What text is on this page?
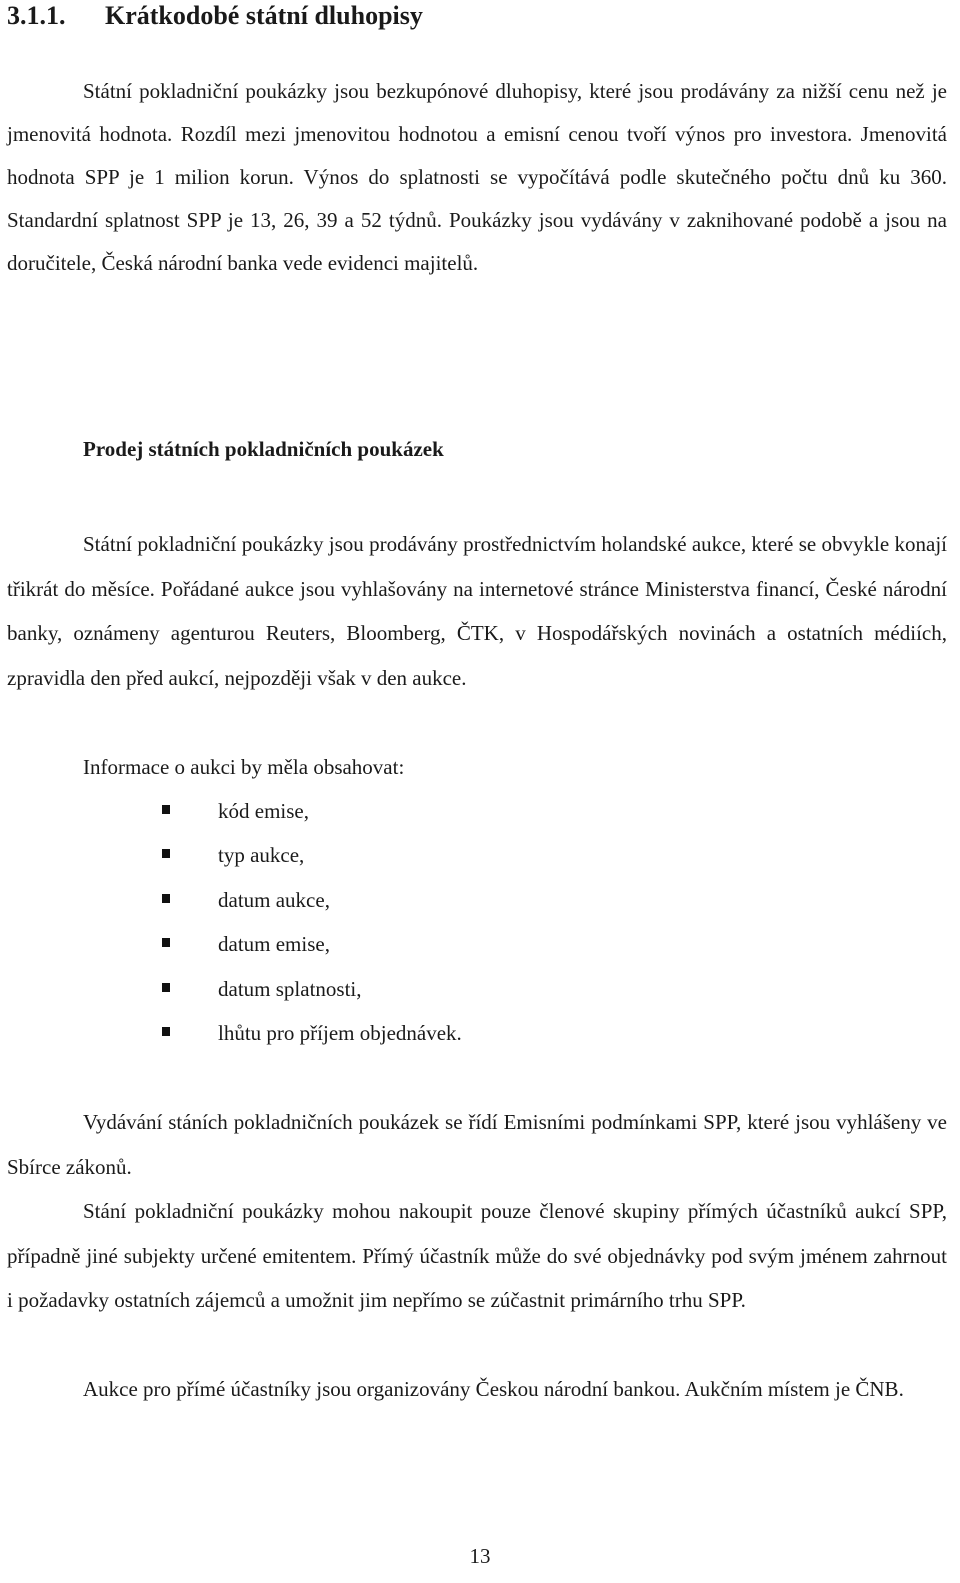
3.1.1. Krátkodobé státní dluhopisy

Státní pokladniční poukázky jsou bezkupónové dluhopisy, které jsou prodávány za nižší cenu než je jmenovitá hodnota. Rozdíl mezi jmenovitou hodnotou a emisní cenou tvoří výnos pro investora. Jmenovitá hodnota SPP je 1 milion korun. Výnos do splatnosti se vypočítává podle skutečného počtu dnů ku 360. Standardní splatnost SPP je 13, 26, 39 a 52 týdnů. Poukázky jsou vydávány v zaknihované podobě a jsou na doručitele, Česká národní banka vede evidenci majitelů.

Prodej státních pokladničních poukázek

Státní pokladniční poukázky jsou prodávány prostřednictvím holandské aukce, které se obvykle konají třikrát do měsíce. Pořádané aukce jsou vyhlašovány na internetové stránce Ministerstva financí, České národní banky, oznámeny agenturou Reuters, Bloomberg, ČTK, v Hospodářských novinách a ostatních médiích, zpravidla den před aukcí, nejpozději však v den aukce.

Informace o aukci by měla obsahovat:

kód emise,
typ aukce,
datum aukce,
datum emise,
datum splatnosti,
lhůtu pro příjem objednávek.

Vydávání stáních pokladničních poukázek se řídí Emisními podmínkami SPP, které jsou vyhlášeny ve Sbírce zákonů.

Stání pokladniční poukázky mohou nakoupit pouze členové skupiny přímých účastníků aukcí SPP, případně jiné subjekty určené emitentem. Přímý účastník může do své objednávky pod svým jménem zahrnout i požadavky ostatních zájemců a umožnit jim nepřímo se zúčastnit primárního trhu SPP.

Aukce pro přímé účastníky jsou organizovány Českou národní bankou. Aukčním místem je ČNB.

13
